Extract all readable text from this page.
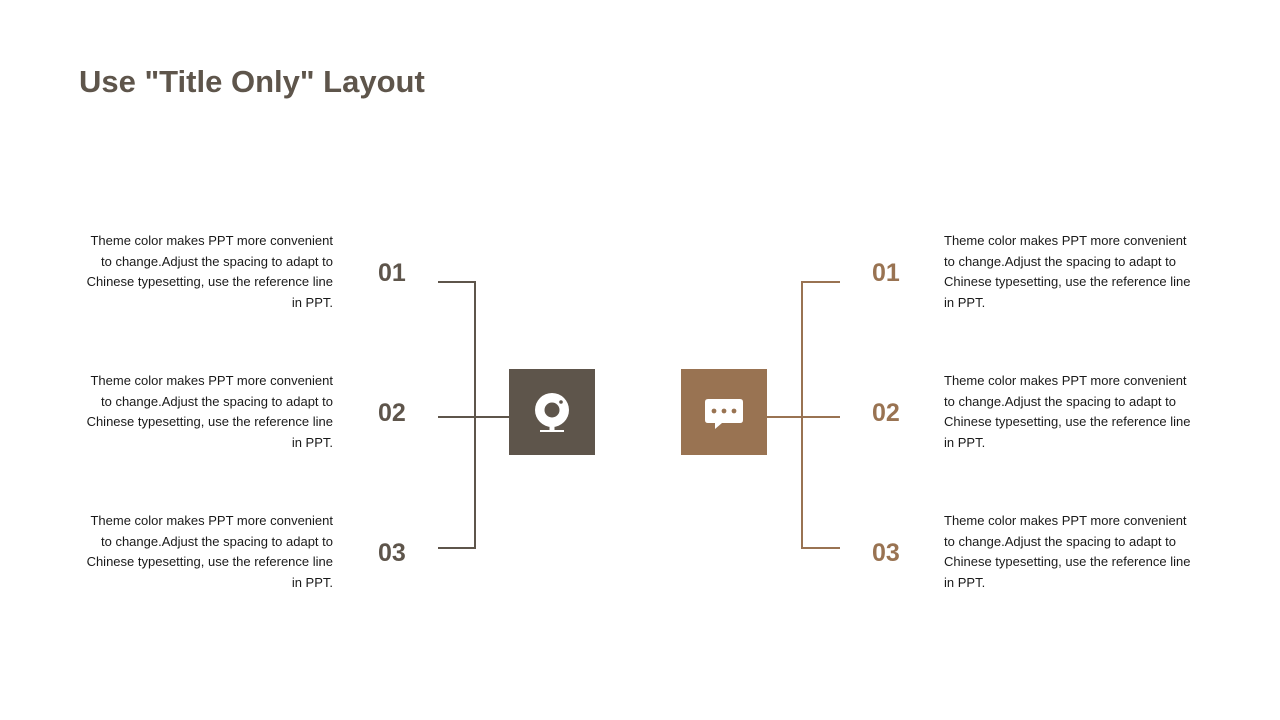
Use "Title Only" Layout
Theme color makes PPT more convenient to change.Adjust the spacing to adapt to Chinese typesetting, use the reference line in PPT.
Theme color makes PPT more convenient to change.Adjust the spacing to adapt to Chinese typesetting, use the reference line in PPT.
Theme color makes PPT more convenient to change.Adjust the spacing to adapt to Chinese typesetting, use the reference line in PPT.
01
02
03
01
02
03
Theme color makes PPT more convenient to change.Adjust the spacing to adapt to Chinese typesetting, use the reference line in PPT.
Theme color makes PPT more convenient to change.Adjust the spacing to adapt to Chinese typesetting, use the reference line in PPT.
Theme color makes PPT more convenient to change.Adjust the spacing to adapt to Chinese typesetting, use the reference line in PPT.
